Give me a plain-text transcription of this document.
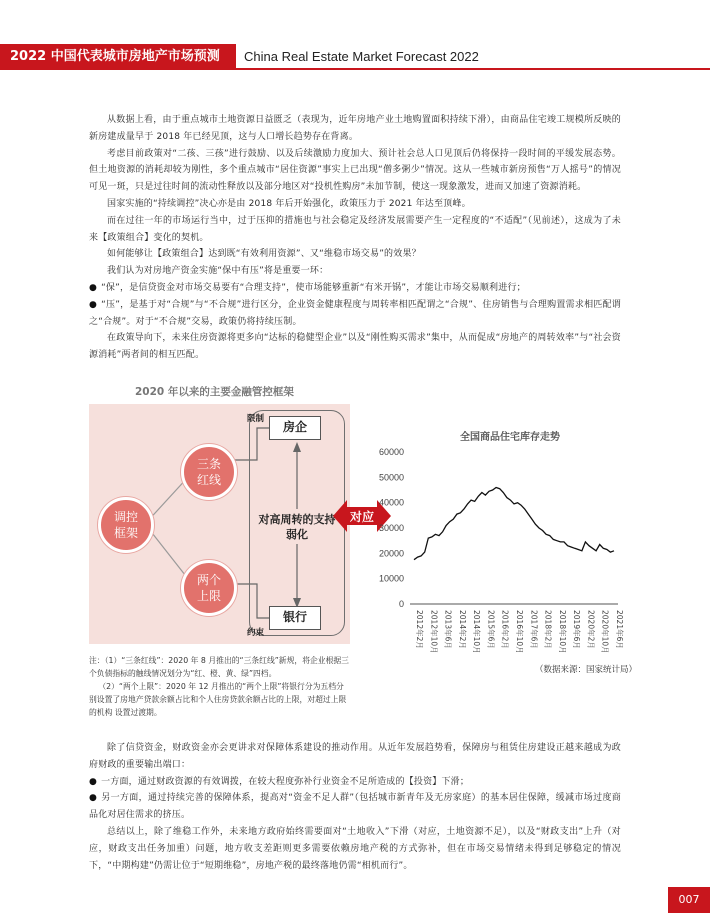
2022 中国代表城市房地产市场预测	China Real Estate Market Forecast 2022

从数据上看，由于重点城市土地资源日益匮乏（表现为，近年房地产业土地购置面积持续下滑），由商品住宅竣工规模所反映的新房建成量早于 2018 年已经见顶，这与人口增长趋势存在背离。

考虑目前政策对“二孩、三孩”进行鼓励、以及后续激励力度加大、预计社会总人口见顶后仍将保持一段时间的平缓发展态势。但土地资源的消耗却较为刚性，多个重点城市“居住资源”事实上已出现“僧多粥少”情况。这从一些城市新房预售“万人摇号”的情况可见一斑，只是过往时间的流动性释放以及部分地区对“投机性购房”未加节制，使这一现象激发，进而又加速了资源消耗。

国家实施的“持续调控”决心亦是由 2018 年后开始强化，政策压力于 2021 年达至顶峰。

而在过往一年的市场运行当中，过于压抑的措施也与社会稳定及经济发展需要产生一定程度的“不适配”（见前述），这成为了未来【政策组合】变化的契机。

如何能够让【政策组合】达到既“有效利用资源”、又“维稳市场交易”的效果？

我们认为对房地产资金实施“保中有压”将是重要一环：

● “保”，是信贷资金对市场交易要有“合理支持”，使市场能够重新“有米开锅”，才能让市场交易顺利进行；

● “压”，是基于对“合规”与“不合规”进行区分，企业资金健康程度与周转率相匹配谓之“合规”、住房销售与合理购置需求相匹配谓之“合规”。对于“不合规”交易，政策仍将持续压制。

在政策导向下，未来住房资源将更多向“达标的稳健型企业”以及“刚性购买需求”集中，从而促成“房地产的周转效率”与“社会资源消耗”两者间的相互匹配。

2020 年以来的主要金融管控框架
调控框架
三条红线
两个上限
限制
房企
对高周转的支持弱化
银行
约束
对应
全国商品住宅库存走势
0
10000
20000
30000
40000
50000
60000
2012年2月 2012年10月 2013年6月 2014年2月 2014年10月 2015年6月 2016年2月 2016年10月 2017年6月 2018年2月 2018年10月 2019年6月 2020年2月 2020年10月 2021年6月
（数据来源：国家统计局）

注：（1）“三条红线”：2020 年 8 月推出的“三条红线”新规，将企业根据三个负债指标的触线情况划分为“红、橙、黄、绿”四档。

（2）“两个上限”：2020 年 12 月推出的“两个上限”将银行分为五档分别设置了房地产贷款余额占比和个人住房贷款余额占比的上限，对超过上限的机构 设置过渡期。

除了信贷资金，财政资金亦会更讲求对保障体系建设的推动作用。从近年发展趋势看，保障房与租赁住房建设正越来越成为政府财政的重要输出端口：

● 一方面，通过财政资源的有效调拨，在较大程度弥补行业资金不足所造成的【投资】下滑；

● 另一方面，通过持续完善的保障体系，提高对“资金不足人群”（包括城市新青年及无房家庭）的基本居住保障，缓减市场过度商品化对居住需求的挤压。

总结以上，除了维稳工作外，未来地方政府始终需要面对“土地收入”下滑（对应，土地资源不足），以及“财政支出”上升（对应，财政支出任务加重）问题，地方收支差距则更多需要依赖房地产税的方式弥补，但在市场交易情绪未得到足够稳定的情况下，“中期构建”仍需让位于“短期维稳”，房地产税的最终落地仍需“相机而行”。

007
